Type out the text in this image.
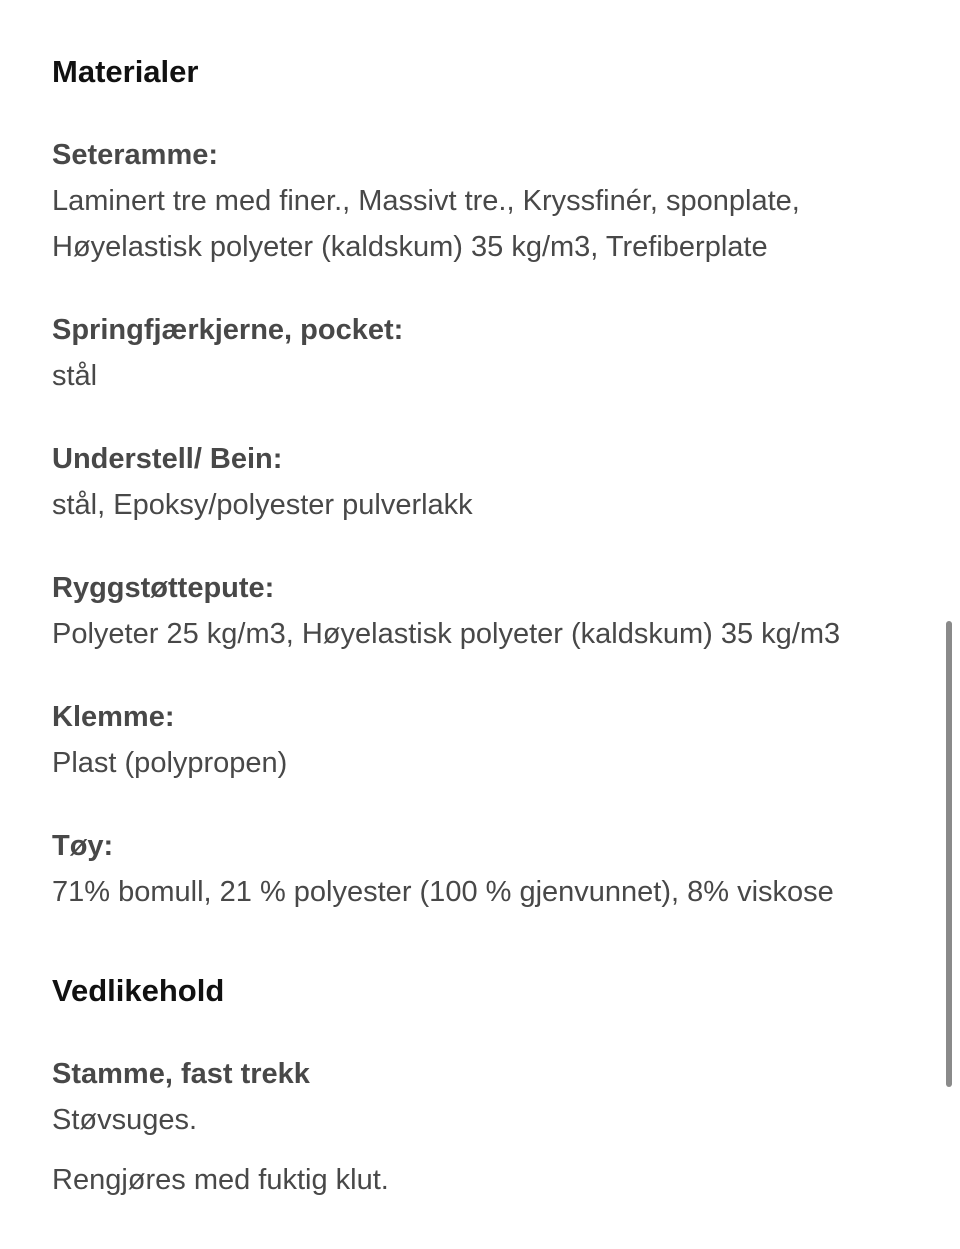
Materialer
Seteramme:
Laminert tre med finer., Massivt tre., Kryssfinér, sponplate, Høyelastisk polyeter (kaldskum) 35 kg/m3, Trefiberplate
Springfjærkjerne, pocket:
stål
Understell/ Bein:
stål, Epoksy/polyester pulverlakk
Ryggstøttepute:
Polyeter 25 kg/m3, Høyelastisk polyeter (kaldskum) 35 kg/m3
Klemme:
Plast (polypropen)
Tøy:
71% bomull, 21 % polyester (100 % gjenvunnet), 8% viskose
Vedlikehold
Stamme, fast trekk
Støvsuges.
Rengjøres med fuktig klut.
